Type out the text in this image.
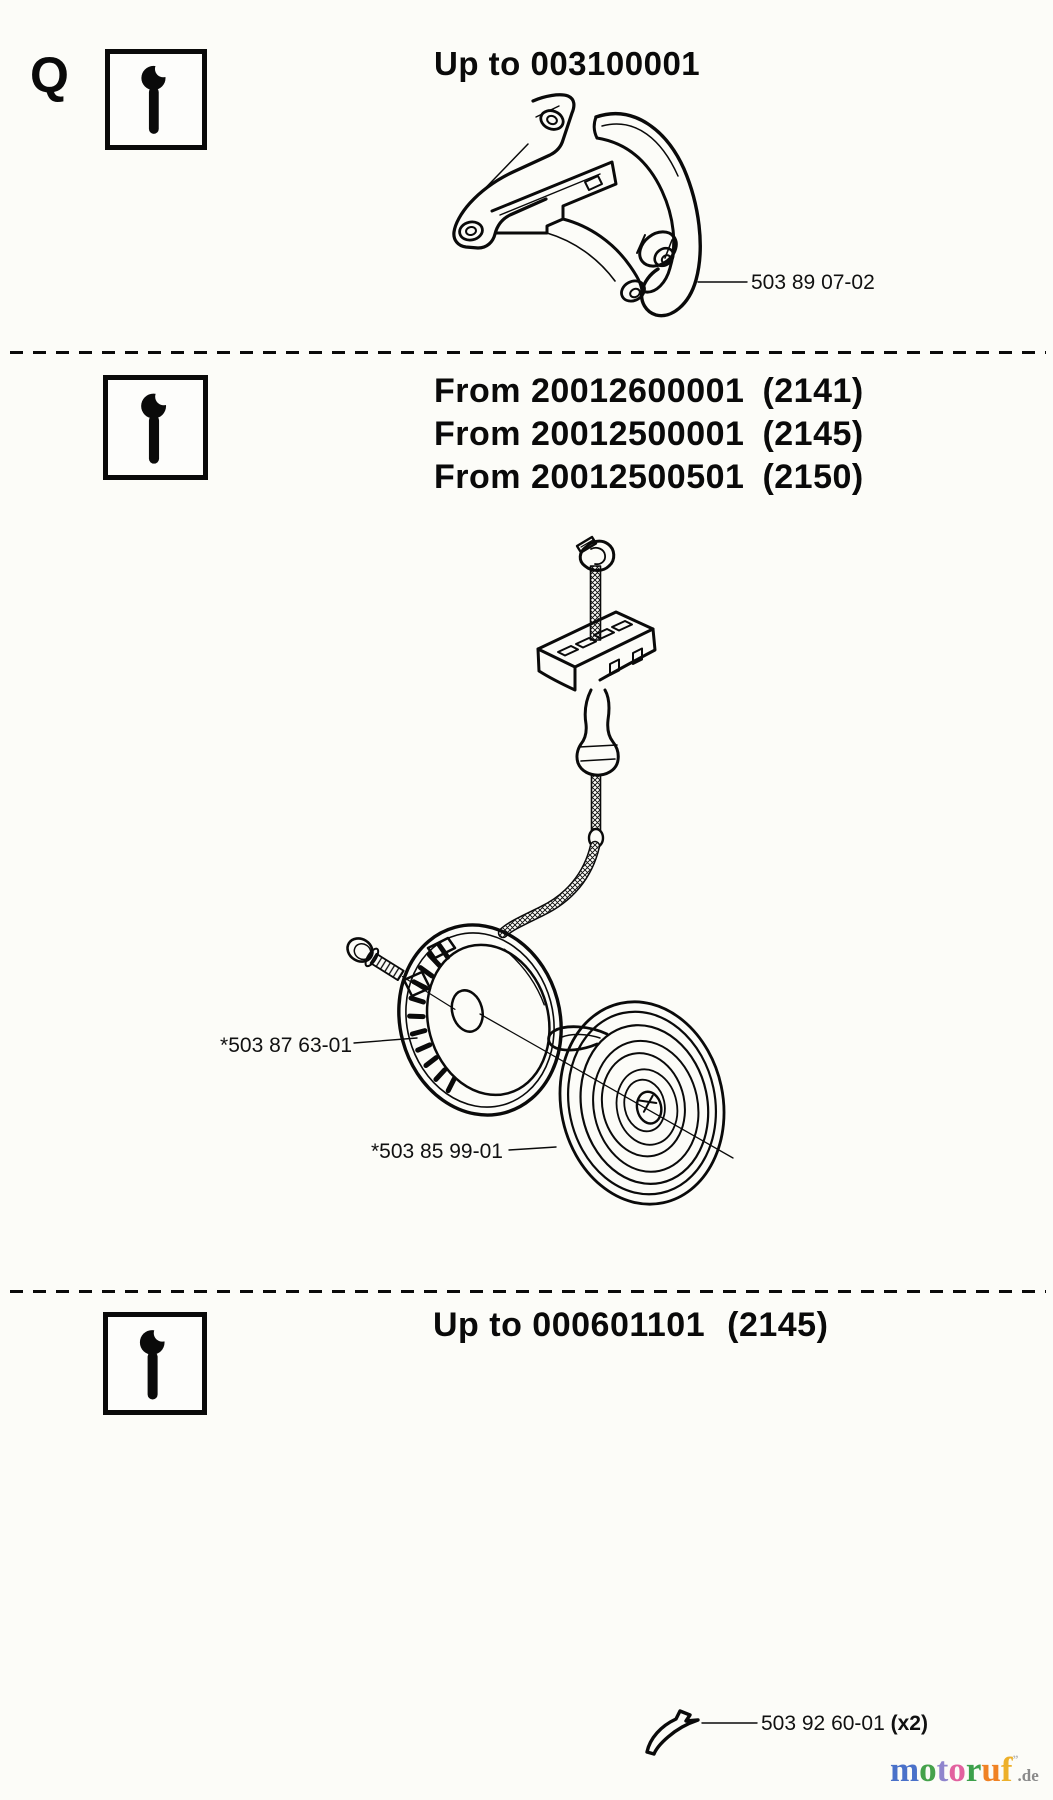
Q	Up to 003100001
503 89 07-02
From 20012600001 (2141)
From 20012500001 (2145)
From 20012500501 (2150)
*503 87 63-01
*503 85 99-01
Up to 000601101 (2145)
503 92 60-01 (x2)
motoruf”.de
